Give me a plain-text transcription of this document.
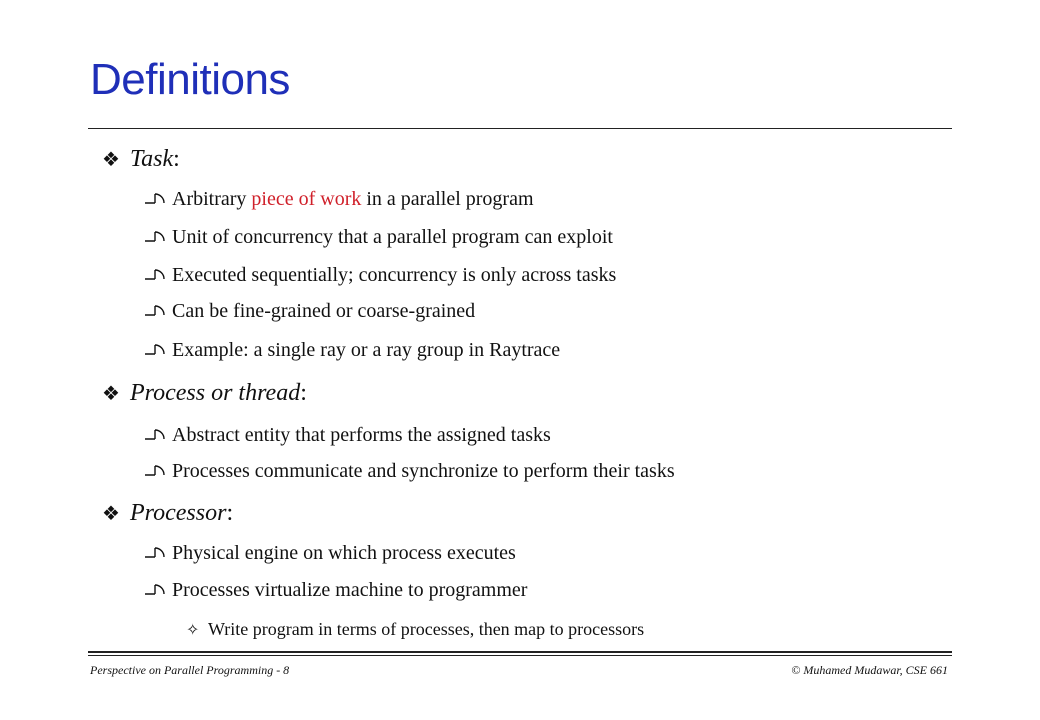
Definitions
❖ Task:
Arbitrary piece of work in a parallel program
Unit of concurrency that a parallel program can exploit
Executed sequentially; concurrency is only across tasks
Can be fine-grained or coarse-grained
Example: a single ray or a ray group in Raytrace
❖ Process or thread:
Abstract entity that performs the assigned tasks
Processes communicate and synchronize to perform their tasks
❖ Processor:
Physical engine on which process executes
Processes virtualize machine to programmer
✧ Write program in terms of processes, then map to processors
Perspective on Parallel Programming - 8	© Muhamed Mudawar, CSE 661
